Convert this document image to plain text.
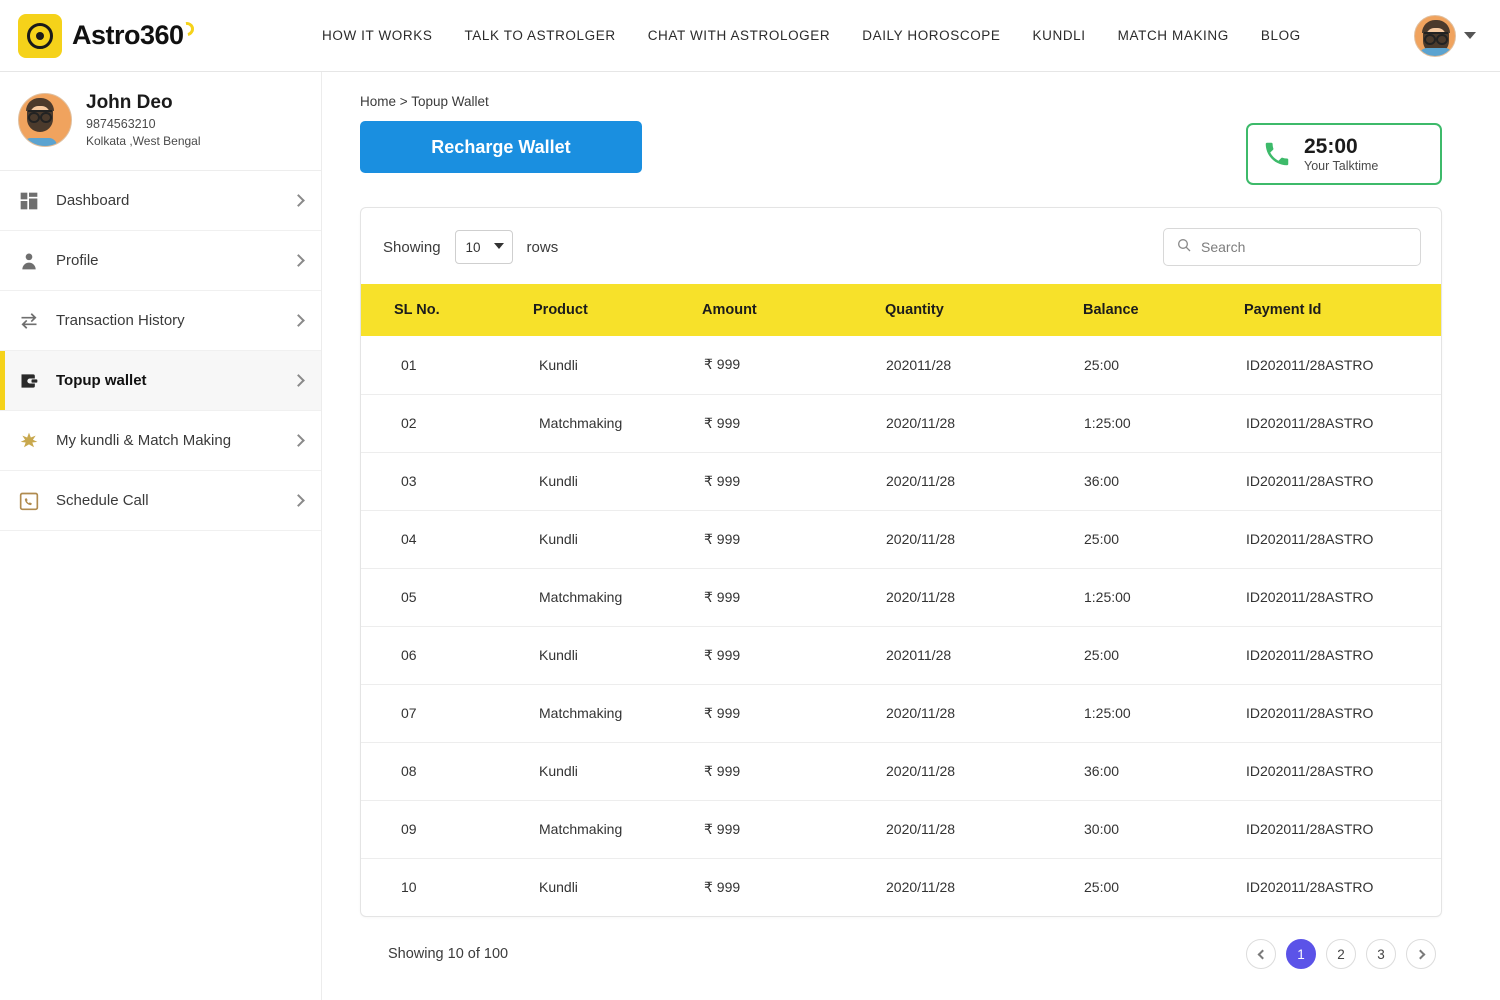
Astro360	HOW IT WORKS	TALK TO ASTROLGER	CHAT WITH ASTROLOGER	DAILY HOROSCOPE	KUNDLI	MATCH MAKING	BLOG
John Deo
9874563210
Kolkata ,West Bengal
Dashboard
Profile
Transaction History
Topup wallet
My kundli & Match Making
Schedule Call
Home > Topup Wallet
Recharge Wallet	25:00
Your Talktime
Showing 10	rows
Search
SL No.	Product	Amount	Quantity	Balance	Payment Id
01	Kundli	₹ 999	202011/28	25:00	ID202011/28ASTRO
02	Matchmaking	₹ 999	2020/11/28	1:25:00	ID202011/28ASTRO
03	Kundli	₹ 999	2020/11/28	36:00	ID202011/28ASTRO
04	Kundli	₹ 999	2020/11/28	25:00	ID202011/28ASTRO
05	Matchmaking	₹ 999	2020/11/28	1:25:00	ID202011/28ASTRO
06	Kundli	₹ 999	202011/28	25:00	ID202011/28ASTRO
07	Matchmaking	₹ 999	2020/11/28	1:25:00	ID202011/28ASTRO
08	Kundli	₹ 999	2020/11/28	36:00	ID202011/28ASTRO
09	Matchmaking	₹ 999	2020/11/28	30:00	ID202011/28ASTRO
10	Kundli	₹ 999	2020/11/28	25:00	ID202011/28ASTRO
Showing 10 of 100	1	2	3
